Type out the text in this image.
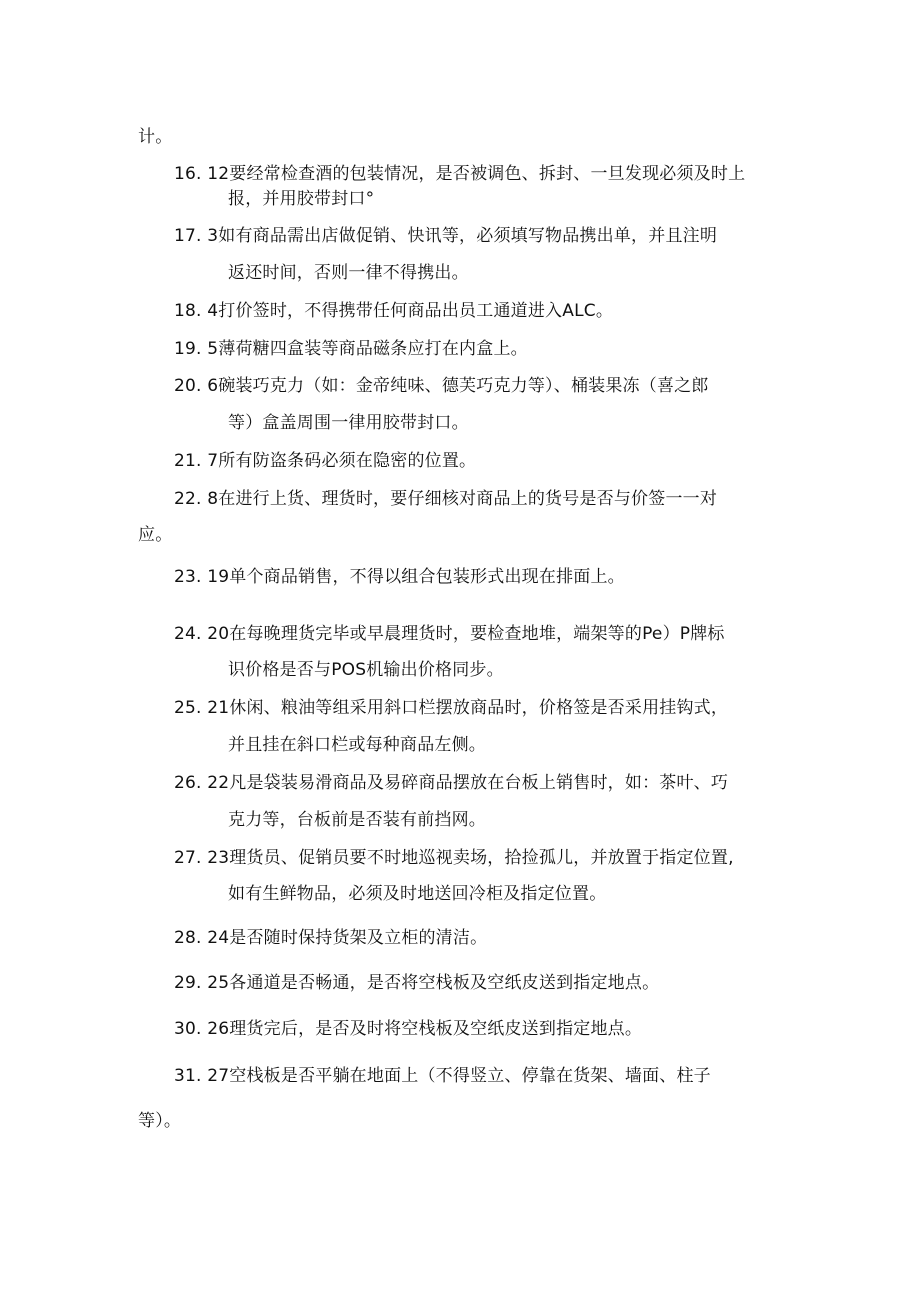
计。
16. 12要经常检查酒的包装情况，是否被调色、拆封、一旦发现必须及时上
报，并用胶带封口°
17. 3如有商品需出店做促销、快讯等，必须填写物品携出单，并且注明
返还时间，否则一律不得携出。
18. 4打价签时，不得携带任何商品出员工通道进入ALC。
19. 5薄荷糖四盒装等商品磁条应打在内盒上。
20. 6碗装巧克力（如：金帝纯味、德芙巧克力等）、桶装果冻（喜之郎
等）盒盖周围一律用胶带封口。
21. 7所有防盗条码必须在隐密的位置。
22. 8在进行上货、理货时，要仔细核对商品上的货号是否与价签一一对
应。
23. 19单个商品销售，不得以组合包装形式出现在排面上。
24. 20在每晚理货完毕或早晨理货时，要检查地堆，端架等的Pe）P牌标
识价格是否与POS机输出价格同步。
25. 21休闲、粮油等组采用斜口栏摆放商品时，价格签是否采用挂钩式，
并且挂在斜口栏或每种商品左侧。
26. 22凡是袋装易滑商品及易碎商品摆放在台板上销售时，如：茶叶、巧
克力等，台板前是否装有前挡网。
27. 23理货员、促销员要不时地巡视卖场，拾捡孤儿，并放置于指定位置,
如有生鲜物品，必须及时地送回冷柜及指定位置。
28. 24是否随时保持货架及立柜的清洁。
29. 25各通道是否畅通，是否将空栈板及空纸皮送到指定地点。
30. 26理货完后，是否及时将空栈板及空纸皮送到指定地点。
31. 27空栈板是否平躺在地面上（不得竖立、停靠在货架、墙面、柱子
等）。
